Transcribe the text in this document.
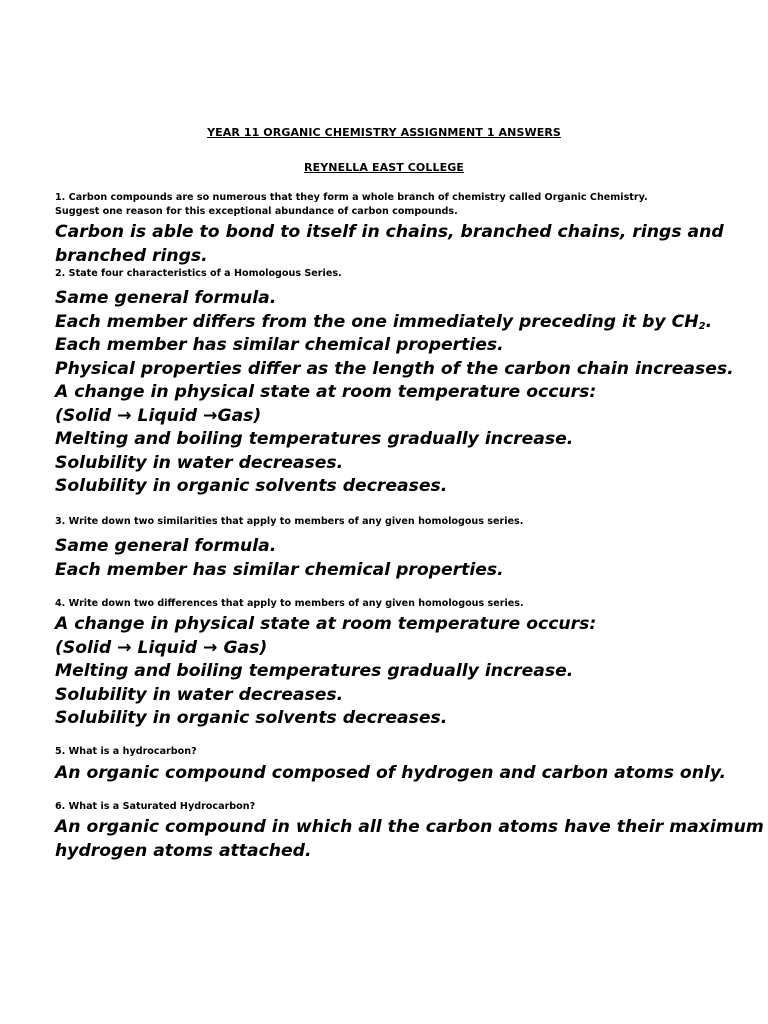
YEAR 11 ORGANIC CHEMISTRY ASSIGNMENT 1 ANSWERS
REYNELLA EAST COLLEGE
1. Carbon compounds are so numerous that they form a whole branch of chemistry called Organic Chemistry.
Suggest one reason for this exceptional abundance of carbon compounds.
Carbon is able to bond to itself in chains, branched chains, rings and
branched rings.
2. State four characteristics of a Homologous Series.
Same general formula.
Each member differs from the one immediately preceding it by $CH_2$.
Each member has similar chemical properties.
Physical properties differ as the length of the carbon chain increases.
A change in physical state at room temperature occurs:
(Solid → Liquid →Gas)
Melting and boiling temperatures gradually increase.
Solubility in water decreases.
Solubility in organic solvents decreases.
3. Write down two similarities that apply to members of any given homologous series.
Same general formula.
Each member has similar chemical properties.
4. Write down two differences that apply to members of any given homologous series.
A change in physical state at room temperature occurs:
(Solid → Liquid → Gas)
Melting and boiling temperatures gradually increase.
Solubility in water decreases.
Solubility in organic solvents decreases.
5. What is a hydrocarbon?
An organic compound composed of hydrogen and carbon atoms only.
6. What is a Saturated Hydrocarbon?
An organic compound in which all the carbon atoms have their maximum
hydrogen atoms attached.
